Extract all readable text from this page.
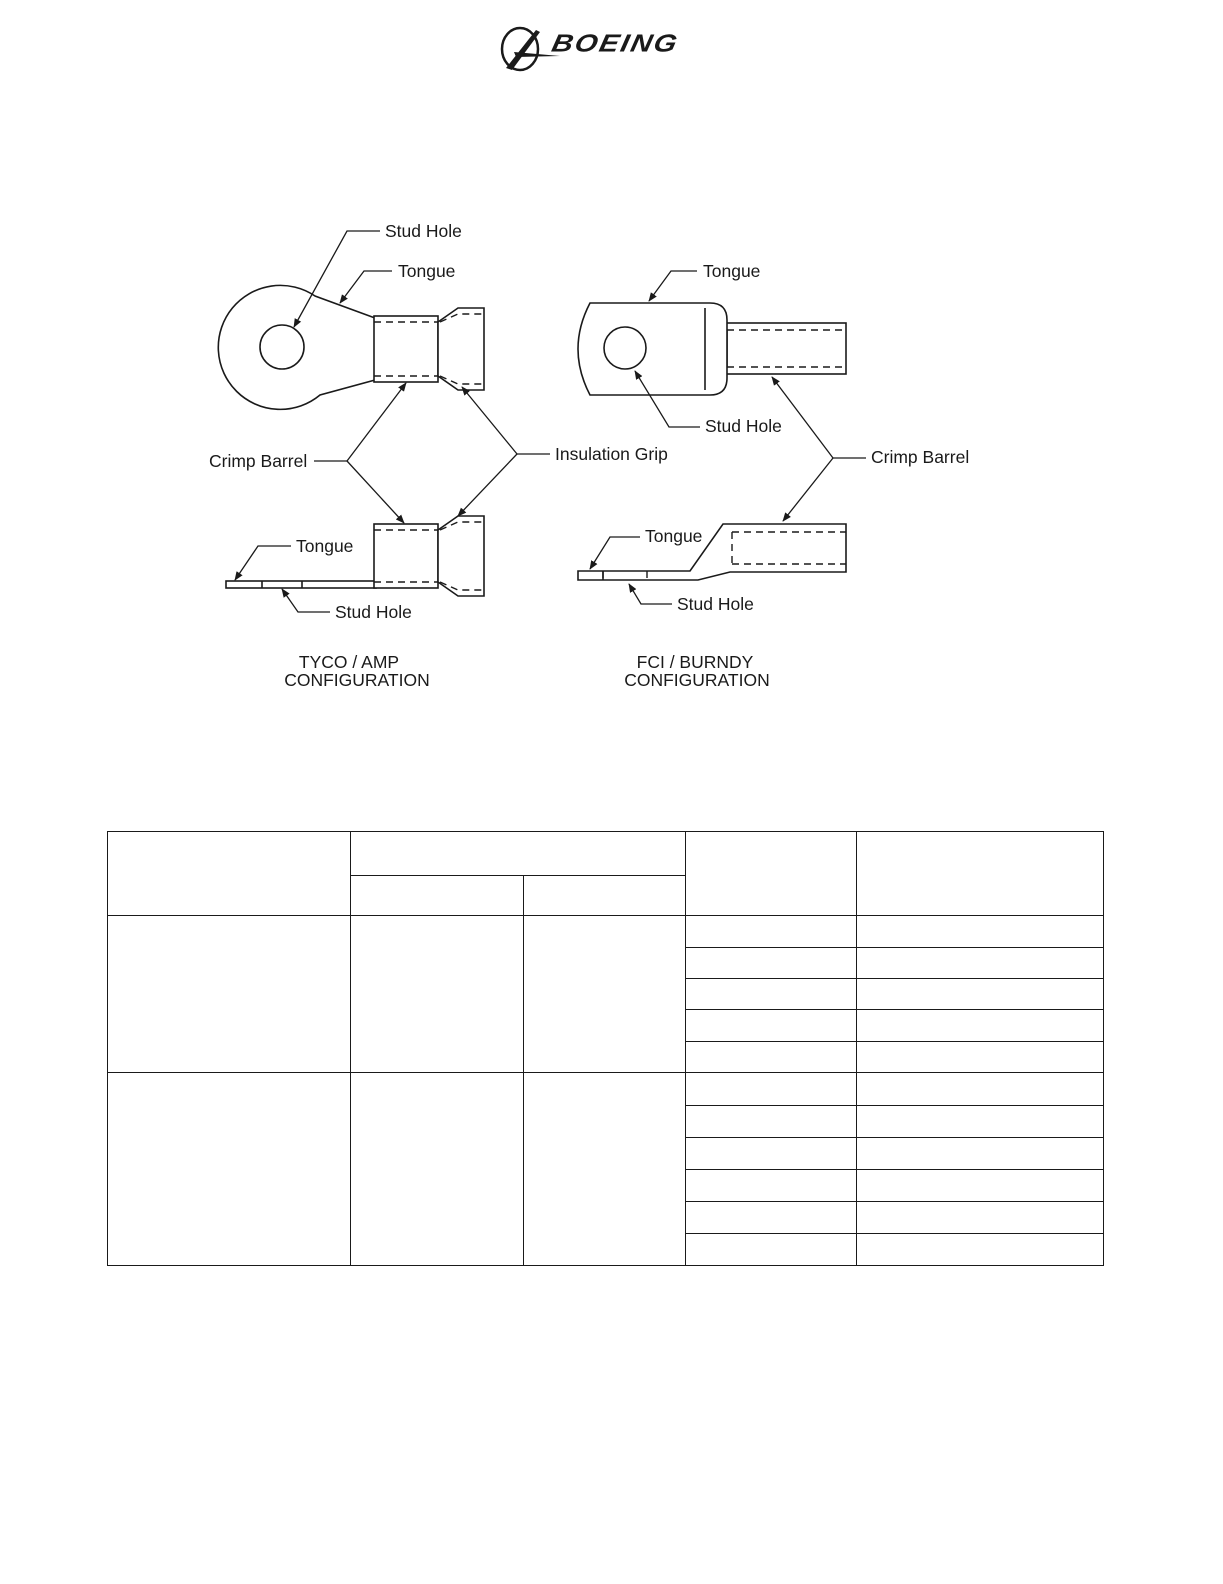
BOEING
Stud Hole
Tongue
Crimp Barrel	Insulation Grip
Tongue
Stud Hole
TYCO / AMP
CONFIGURATION
Tongue
Stud Hole
Crimp Barrel
Tongue
Stud Hole
FCI / BURNDY
CONFIGURATION
